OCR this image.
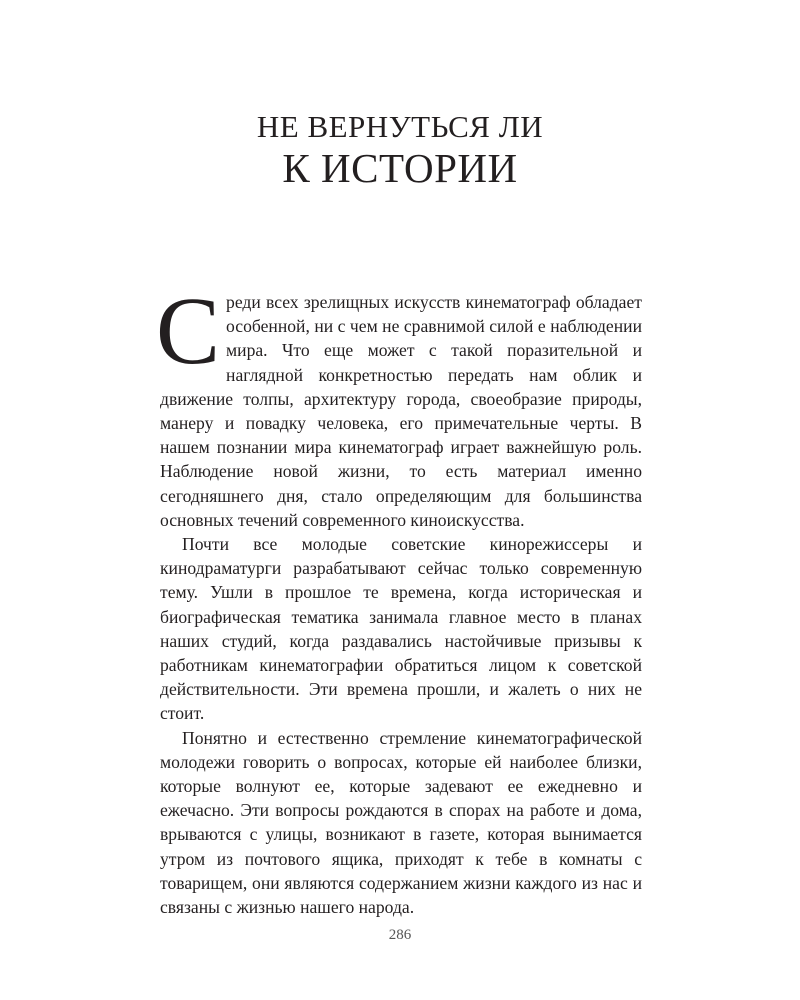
НЕ ВЕРНУТЬСЯ ЛИ
К ИСТОРИИ

Среди всех зрелищных искусств кинематограф обладает особенной, ни с чем не сравнимой силой е наблюдении мира. Что еще может с такой поразительной и наглядной конкретностью передать нам облик и движение толпы, архитектуру города, своеобразие природы, манеру и повадку человека, его примечательные черты. В нашем познании мира кинематограф играет важнейшую роль. Наблюдение новой жизни, то есть материал именно сегодняшнего дня, стало определяющим для большинства основных течений современного киноискусства.

Почти все молодые советские кинорежиссеры и кинодраматурги разрабатывают сейчас только современную тему. Ушли в прошлое те времена, когда историческая и биографическая тематика занимала главное место в планах наших студий, когда раздавались настойчивые призывы к работникам кинематографии обратиться лицом к советской действительности. Эти времена прошли, и жалеть о них не стоит.

Понятно и естественно стремление кинематографической молодежи говорить о вопросах, которые ей наиболее близки, которые волнуют ее, которые задевают ее ежедневно и ежечасно. Эти вопросы рождаются в спорах на работе и дома, врываются с улицы, возникают в газете, которая вынимается утром из почтового ящика, приходят к тебе в комнаты с товарищем, они являются содержанием жизни каждого из нас и связаны с жизнью нашего народа.

286
